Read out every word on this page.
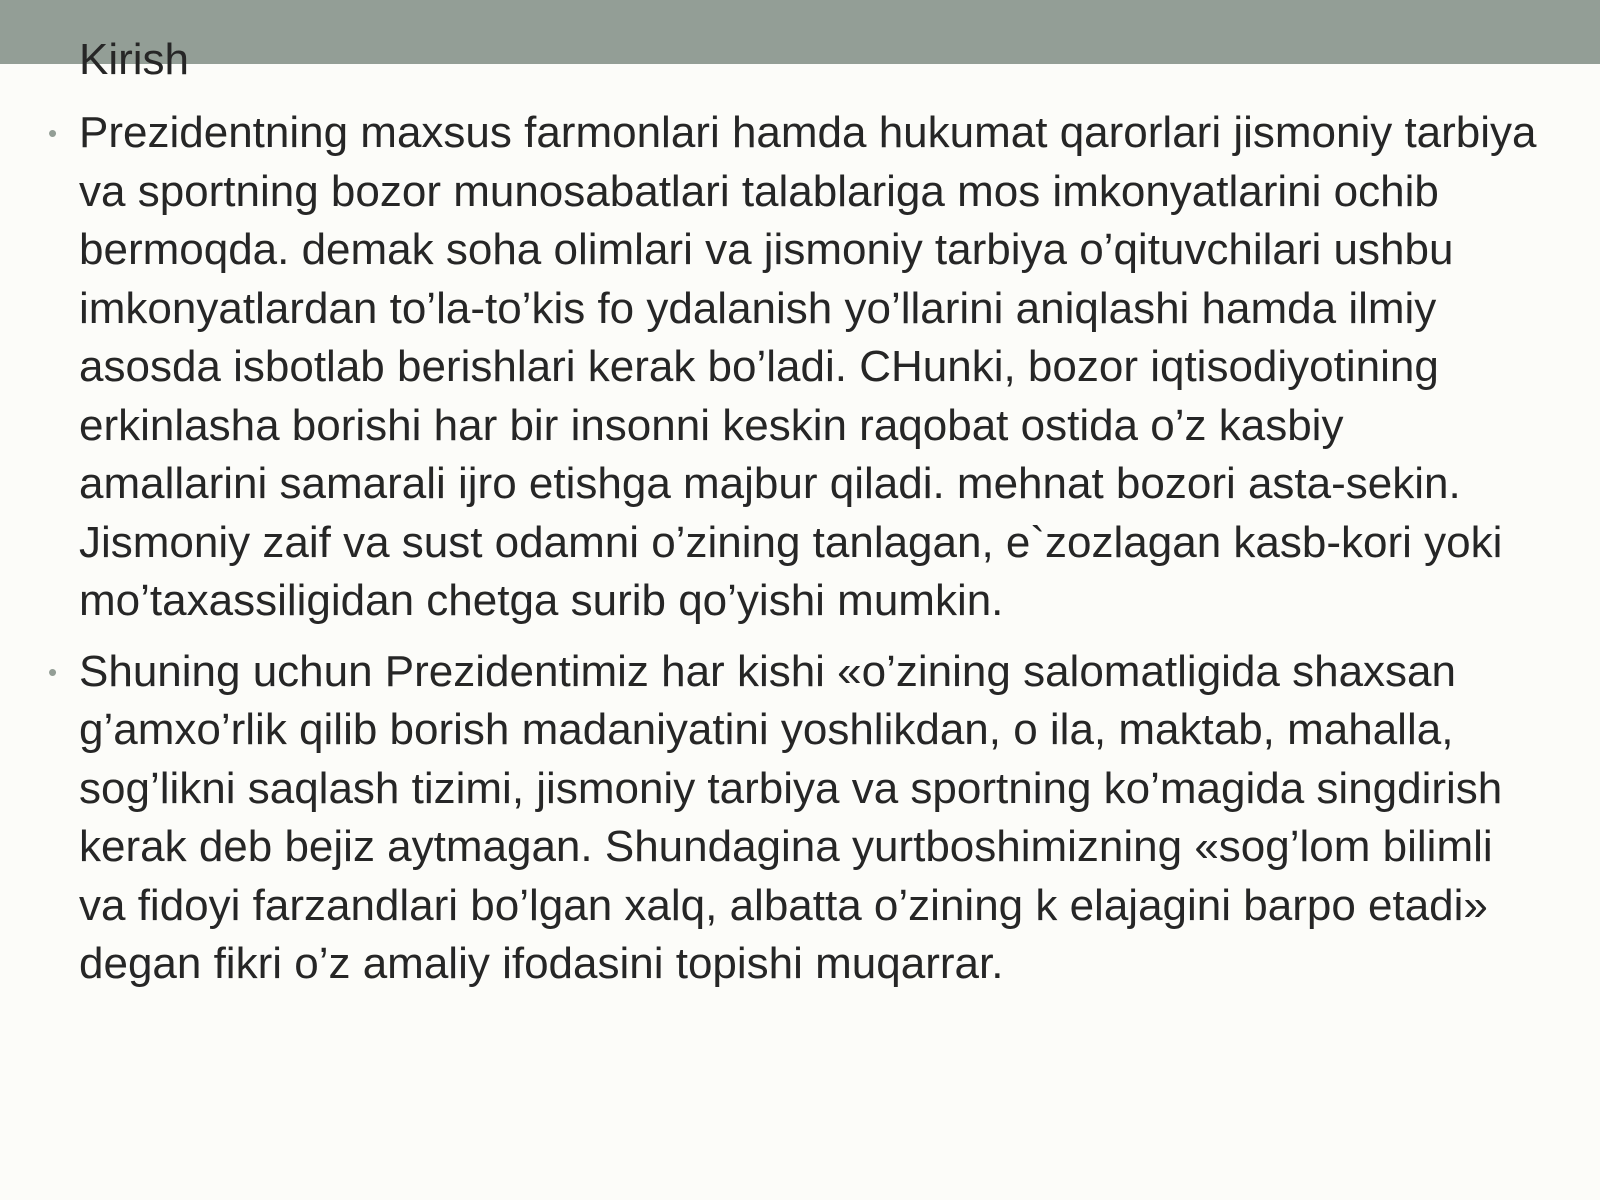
Kirish
• Prezidentning maxsus farmonlari hamda hukumat qarorlari jismoniy tarbiya va sportning bozor munosabatlari talablariga mos imkonyatlarini ochib bermoqda. demak soha olimlari va jismoniy tarbiya o’qituvchilari ushbu imkonyatlardan to’la-to’kis fo ydalanish yo’llarini aniqlashi hamda ilmiy asosda isbotlab berishlari kerak bo’ladi. CHunki, bozor iqtisodiyotining erkinlasha borishi har bir insonni keskin raqobat ostida o’z kasbiy amallarini samarali ijro etishga majbur qiladi. mehnat bozori asta-sekin. Jismoniy zaif va sust odamni o’zining tanlagan, e`zozlagan kasb-kori yoki mo’taxassiligidan chetga surib qo’yishi mumkin.
• Shuning uchun Prezidentimiz har kishi «o’zining salomatligida shaxsan g’amxo’rlik qilib borish madaniyatini yoshlikdan, o ila, maktab, mahalla, sog’likni saqlash tizimi, jismoniy tarbiya va sportning ko’magida singdirish kerak deb bejiz aytmagan. Shundagina yurtboshimizning «sog’lom bilimli va fidoyi farzandlari bo’lgan xalq, albatta o’zining k elajagini barpo etadi» degan fikri o’z amaliy ifodasini topishi muqarrar.
